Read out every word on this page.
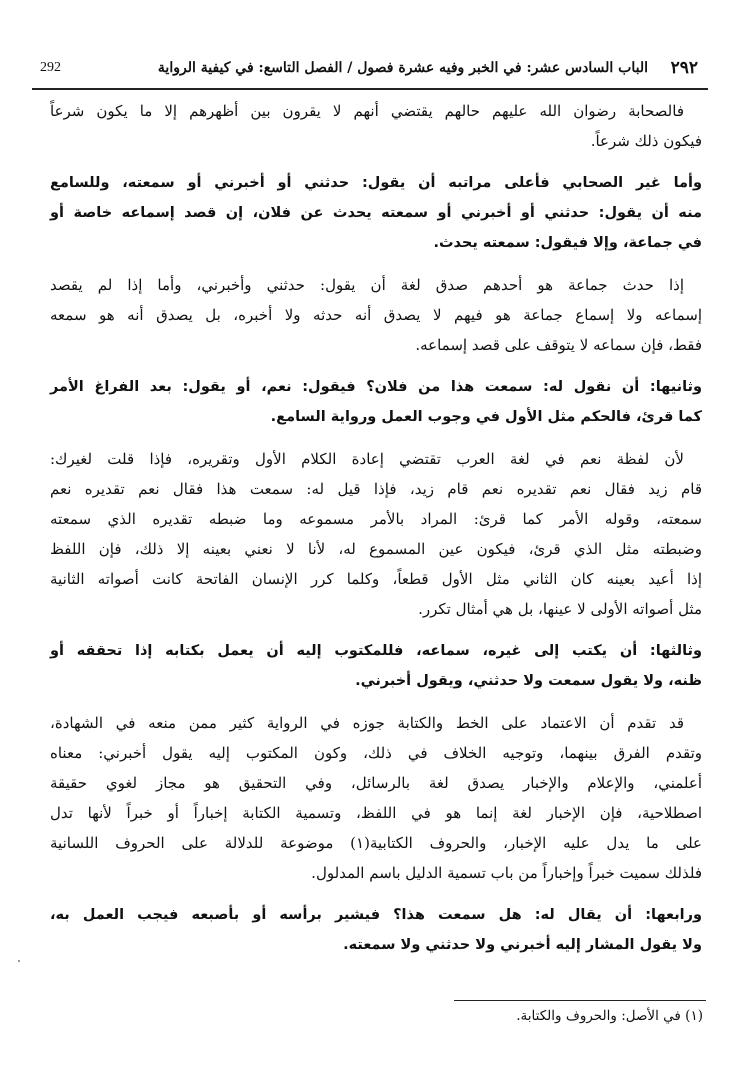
٢٩٢
الباب السادس عشر: في الخبر وفيه عشرة فصول / الفصل التاسع: في كيفية الرواية
292
فالصحابة رضوان الله عليهم حالهم يقتضي أنهم لا يقرون بين أظهرهم إلا ما يكون شرعاً
فيكون ذلك شرعاً.
وأما غير الصحابي فأعلى مراتبه أن يقول: حدثني أو أخبرني أو سمعته، وللسامع
منه أن يقول: حدثني أو أخبرني أو سمعته يحدث عن فلان، إن قصد إسماعه خاصة أو
في جماعة، وإلا فيقول: سمعته يحدث.
إذا حدث جماعة هو أحدهم صدق لغة أن يقول: حدثني وأخبرني، وأما إذا لم يقصد
إسماعه ولا إسماع جماعة هو فيهم لا يصدق أنه حدثه ولا أخبره، بل يصدق أنه هو سمعه
فقط، فإن سماعه لا يتوقف على قصد إسماعه.
وثانيها: أن نقول له: سمعت هذا من فلان؟ فيقول: نعم، أو يقول: بعد الفراغ الأمر
كما قرئ، فالحكم مثل الأول في وجوب العمل ورواية السامع.
لأن لفظة نعم في لغة العرب تقتضي إعادة الكلام الأول وتقريره، فإذا قلت لغيرك:
قام زيد فقال نعم تقديره نعم قام زيد، فإذا قيل له: سمعت هذا فقال نعم تقديره نعم
سمعته، وقوله الأمر كما قرئ: المراد بالأمر مسموعه وما ضبطه تقديره الذي سمعته
وضبطته مثل الذي قرئ، فيكون عين المسموع له، لأنا لا نعني بعينه إلا ذلك، فإن اللفظ
إذا أعيد بعينه كان الثاني مثل الأول قطعاً، وكلما كرر الإنسان الفاتحة كانت أصواته الثانية
مثل أصواته الأولى لا عينها، بل هي أمثال تكرر.
وثالثها: أن يكتب إلى غيره، سماعه، فللمكتوب إليه أن يعمل بكتابه إذا تحققه أو
ظنه، ولا يقول سمعت ولا حدثني، ويقول أخبرني.
قد تقدم أن الاعتماد على الخط والكتابة جوزه في الرواية كثير ممن منعه في الشهادة،
وتقدم الفرق بينهما، وتوجيه الخلاف في ذلك، وكون المكتوب إليه يقول أخبرني: معناه
أعلمني، والإعلام والإخبار يصدق لغة بالرسائل، وفي التحقيق هو مجاز لغوي حقيقة
اصطلاحية، فإن الإخبار لغة إنما هو في اللفظ، وتسمية الكتابة إخباراً أو خبراً لأنها تدل
على ما يدل عليه الإخبار، والحروف الكتابية(١) موضوعة للدلالة على الحروف اللسانية
فلذلك سميت خبراً وإخباراً من باب تسمية الدليل باسم المدلول.
ورابعها: أن يقال له: هل سمعت هذا؟ فيشير برأسه أو بأصبعه فيجب العمل به،
ولا يقول المشار إليه أخبرني ولا حدثني ولا سمعته.
(١) في الأصل: والحروف والكتابة.
